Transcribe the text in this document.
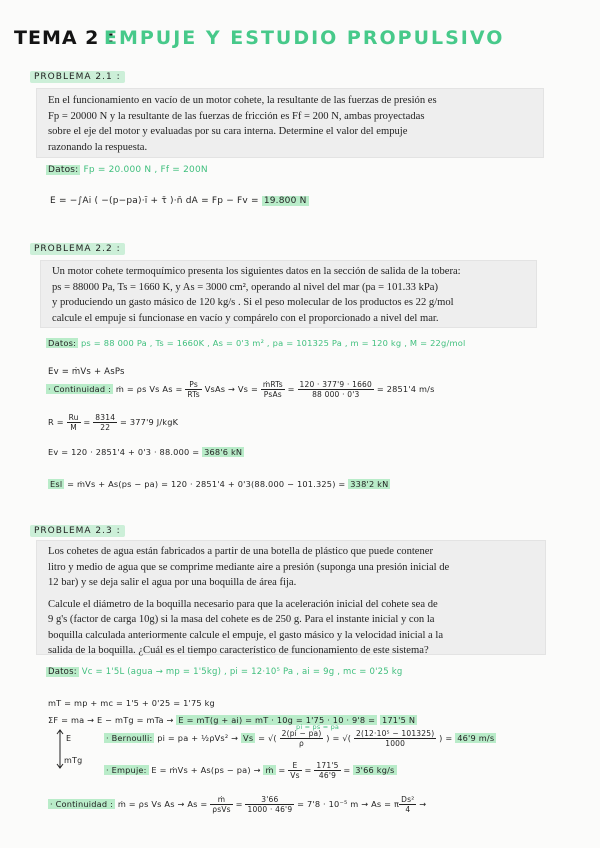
TEMA 2 :
EMPUJE Y ESTUDIO PROPULSIVO
PROBLEMA 2.1 :
En el funcionamiento en vacío de un motor cohete, la resultante de las fuerzas de presión es
Fp = 20000 N y la resultante de las fuerzas de fricción es Ff = 200 N, ambas proyectadas
sobre el eje del motor y evaluadas por su cara interna. Determine el valor del empuje
razonando la respuesta.
Datos: Fp = 20.000 N , Ff = 200N
E = −∫Ai ( −(p−pa)·ī + τ̄ )·n̄ dA = Fp − Fv = 19.800 N
PROBLEMA 2.2 :
Un motor cohete termoquímico presenta los siguientes datos en la sección de salida de la tobera:
ps = 88000 Pa, Ts = 1660 K, y As = 3000 cm², operando al nivel del mar (pa = 101.33 kPa)
y produciendo un gasto másico de 120 kg/s . Si el peso molecular de los productos es 22 g/mol
calcule el empuje si funcionase en vacío y compárelo con el proporcionado a nivel del mar.
Datos: ps = 88 000 Pa , Ts = 1660K , As = 0'3 m² , pa = 101325 Pa , m = 120 kg , M = 22g/mol
Ev = ṁVs + AsPs
· Continuidad : ṁ = ρs Vs $As = \frac{Ps}{\text{RTs}}$ VsAs → $Vs = \frac{\text{ṁRTs}}{\text{PsAs}} = \frac{120 \cdot 377'9 \cdot 1660}{88 000 \cdot 0'3} = 2851'4$ m/s
$R = \frac{Ru}{M} = \frac{8314}{22} = 377'9$ J/kgK
Ev = 120 · 2851'4 + 0'3 · 88.000 = 368'6 kN
Esl = ṁVs + As(ps − pa) = 120 · 2851'4 + 0'3(88.000 − 101.325) = 338'2 kN
PROBLEMA 2.3 :
Los cohetes de agua están fabricados a partir de una botella de plástico que puede contener
litro y medio de agua que se comprime mediante aire a presión (suponga una presión inicial de
12 bar) y se deja salir el agua por una boquilla de área fija.
Calcule el diámetro de la boquilla necesario para que la aceleración inicial del cohete sea de
9 g's (factor de carga 10g) si la masa del cohete es de 250 g. Para el instante inicial y con la
boquilla calculada anteriormente calcule el empuje, el gasto másico y la velocidad inicial a la
salida de la boquilla. ¿Cuál es el tiempo característico de funcionamiento de este sistema?
Datos: Vc = 1'5L (agua → mp = 1'5kg) , pi = 12·10⁵ Pa , ai = 9g , mc = 0'25 kg
mT = mp + mc = 1'5 + 0'25 = 1'75 kg
ΣF = ma → E − mTg = mTa → E = mT(g + ai) = mT · 10g = 1'75 · 10 · 9'8 = 171'5 N
E
mTg
pi = ps = pa
· Bernoulli: pi = pa + ½ρVs² → Vs = √( $\frac{2(pi - pa)}{\rho}$ ) = √( $\frac{\text{2(12·10⁵ − 101325)}}{1000}$ ) = 46'9 m/s
· Empuje: E = ṁVs + As(ps − pa) → ṁ = $\frac{E}{Vs} = \frac{171'5}{46'9} = 3'66$ kg/s
· Continuidad : ṁ = ρs Vs $As \to As = \frac{\text{ṁ}}{\text{ρsVs}} = \frac{3'66}{1000 \cdot 46'9} = 7'8 \cdot 10^{-5}$ m → As = π $\frac{\text{Ds²}}{4}$ →
